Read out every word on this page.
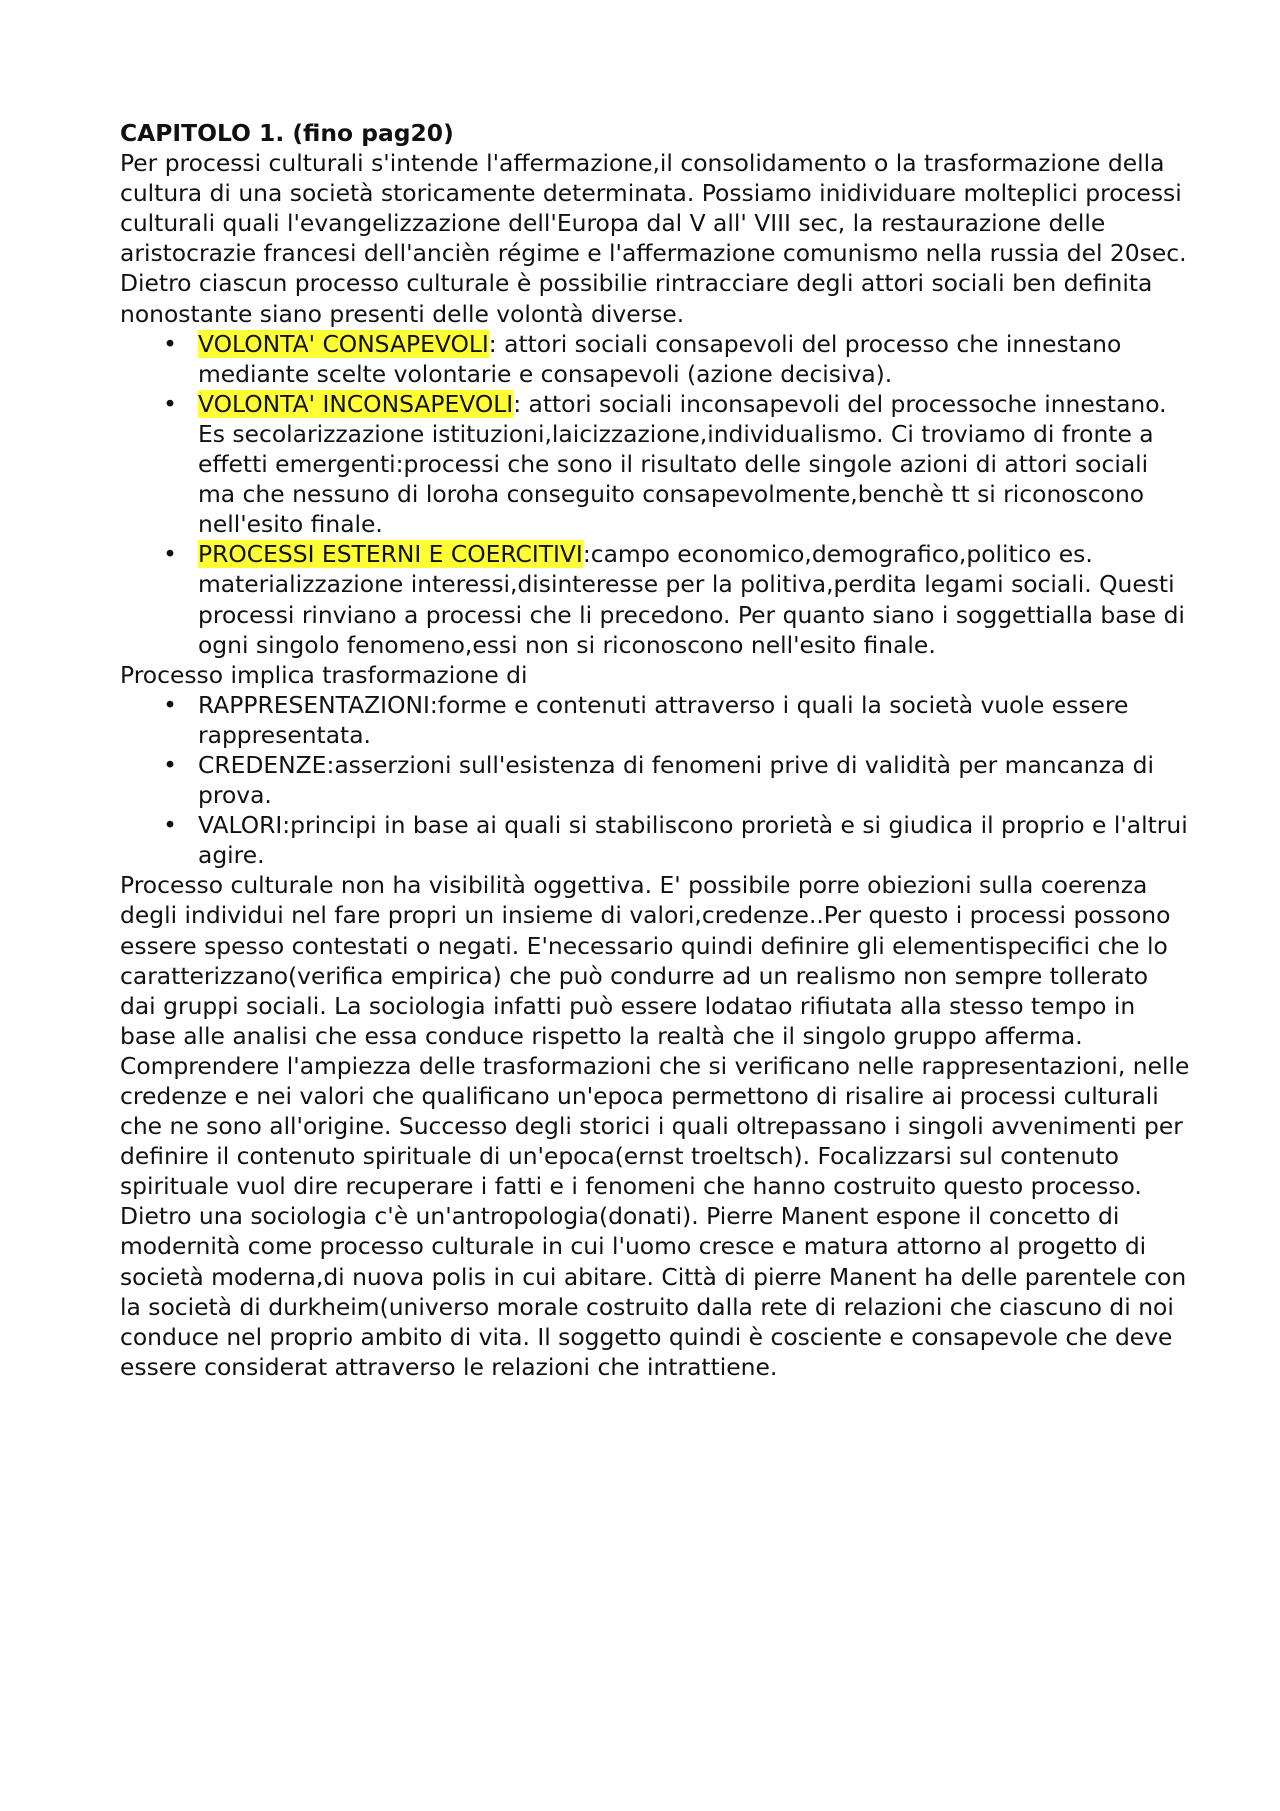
CAPITOLO 1. (fino pag20)

Per processi culturali s'intende l'affermazione,il consolidamento o la trasformazione della cultura di una società storicamente determinata. Possiamo inidividuare molteplici processi culturali quali l'evangelizzazione dell'Europa dal V all' VIII sec, la restaurazione delle aristocrazie francesi dell'ancièn régime e l'affermazione comunismo nella russia del 20sec. Dietro ciascun processo culturale è possibilie rintracciare degli attori sociali ben definita nonostante siano presenti delle volontà diverse.

• VOLONTA' CONSAPEVOLI: attori sociali consapevoli del processo che innestano mediante scelte volontarie e consapevoli (azione decisiva).
• VOLONTA' INCONSAPEVOLI: attori sociali inconsapevoli del processoche innestano. Es secolarizzazione istituzioni,laicizzazione,individualismo. Ci troviamo di fronte a effetti emergenti:processi che sono il risultato delle singole azioni di attori sociali ma che nessuno di loroha conseguito consapevolmente,benchè tt si riconoscono nell'esito finale.
• PROCESSI ESTERNI E COERCITIVI:campo economico,demografico,politico es. materializzazione interessi,disinteresse per la politiva,perdita legami sociali. Questi processi rinviano a processi che li precedono. Per quanto siano i soggettialla base di ogni singolo fenomeno,essi non si riconoscono nell'esito finale.

Processo implica trasformazione di

• RAPPRESENTAZIONI:forme e contenuti attraverso i quali la società vuole essere rappresentata.
• CREDENZE:asserzioni sull'esistenza di fenomeni prive di validità per mancanza di prova.
• VALORI:principi in base ai quali si stabiliscono prorietà e si giudica il proprio e l'altrui agire.

Processo culturale non ha visibilità oggettiva. E' possibile porre obiezioni sulla coerenza degli individui nel fare propri un insieme di valori,credenze..Per questo i processi possono essere spesso contestati o negati. E'necessario quindi definire gli elementispecifici che lo caratterizzano(verifica empirica) che può condurre ad un realismo non sempre tollerato dai gruppi sociali. La sociologia infatti può essere lodatao rifiutata alla stesso tempo in base alle analisi che essa conduce rispetto la realtà che il singolo gruppo afferma. Comprendere l'ampiezza delle trasformazioni che si verificano nelle rappresentazioni, nelle credenze e nei valori che qualificano un'epoca permettono di risalire ai processi culturali che ne sono all'origine. Successo degli storici i quali oltrepassano i singoli avvenimenti per definire il contenuto spirituale di un'epoca(ernst troeltsch). Focalizzarsi sul contenuto spirituale vuol dire recuperare i fatti e i fenomeni che hanno costruito questo processo. Dietro una sociologia c'è un'antropologia(donati). Pierre Manent espone il concetto di modernità come processo culturale in cui l'uomo cresce e matura attorno al progetto di società moderna,di nuova polis in cui abitare. Città di pierre Manent ha delle parentele con la società di durkheim(universo morale costruito dalla rete di relazioni che ciascuno di noi conduce nel proprio ambito di vita. Il soggetto quindi è cosciente e consapevole che deve essere considerat attraverso le relazioni che intrattiene.
